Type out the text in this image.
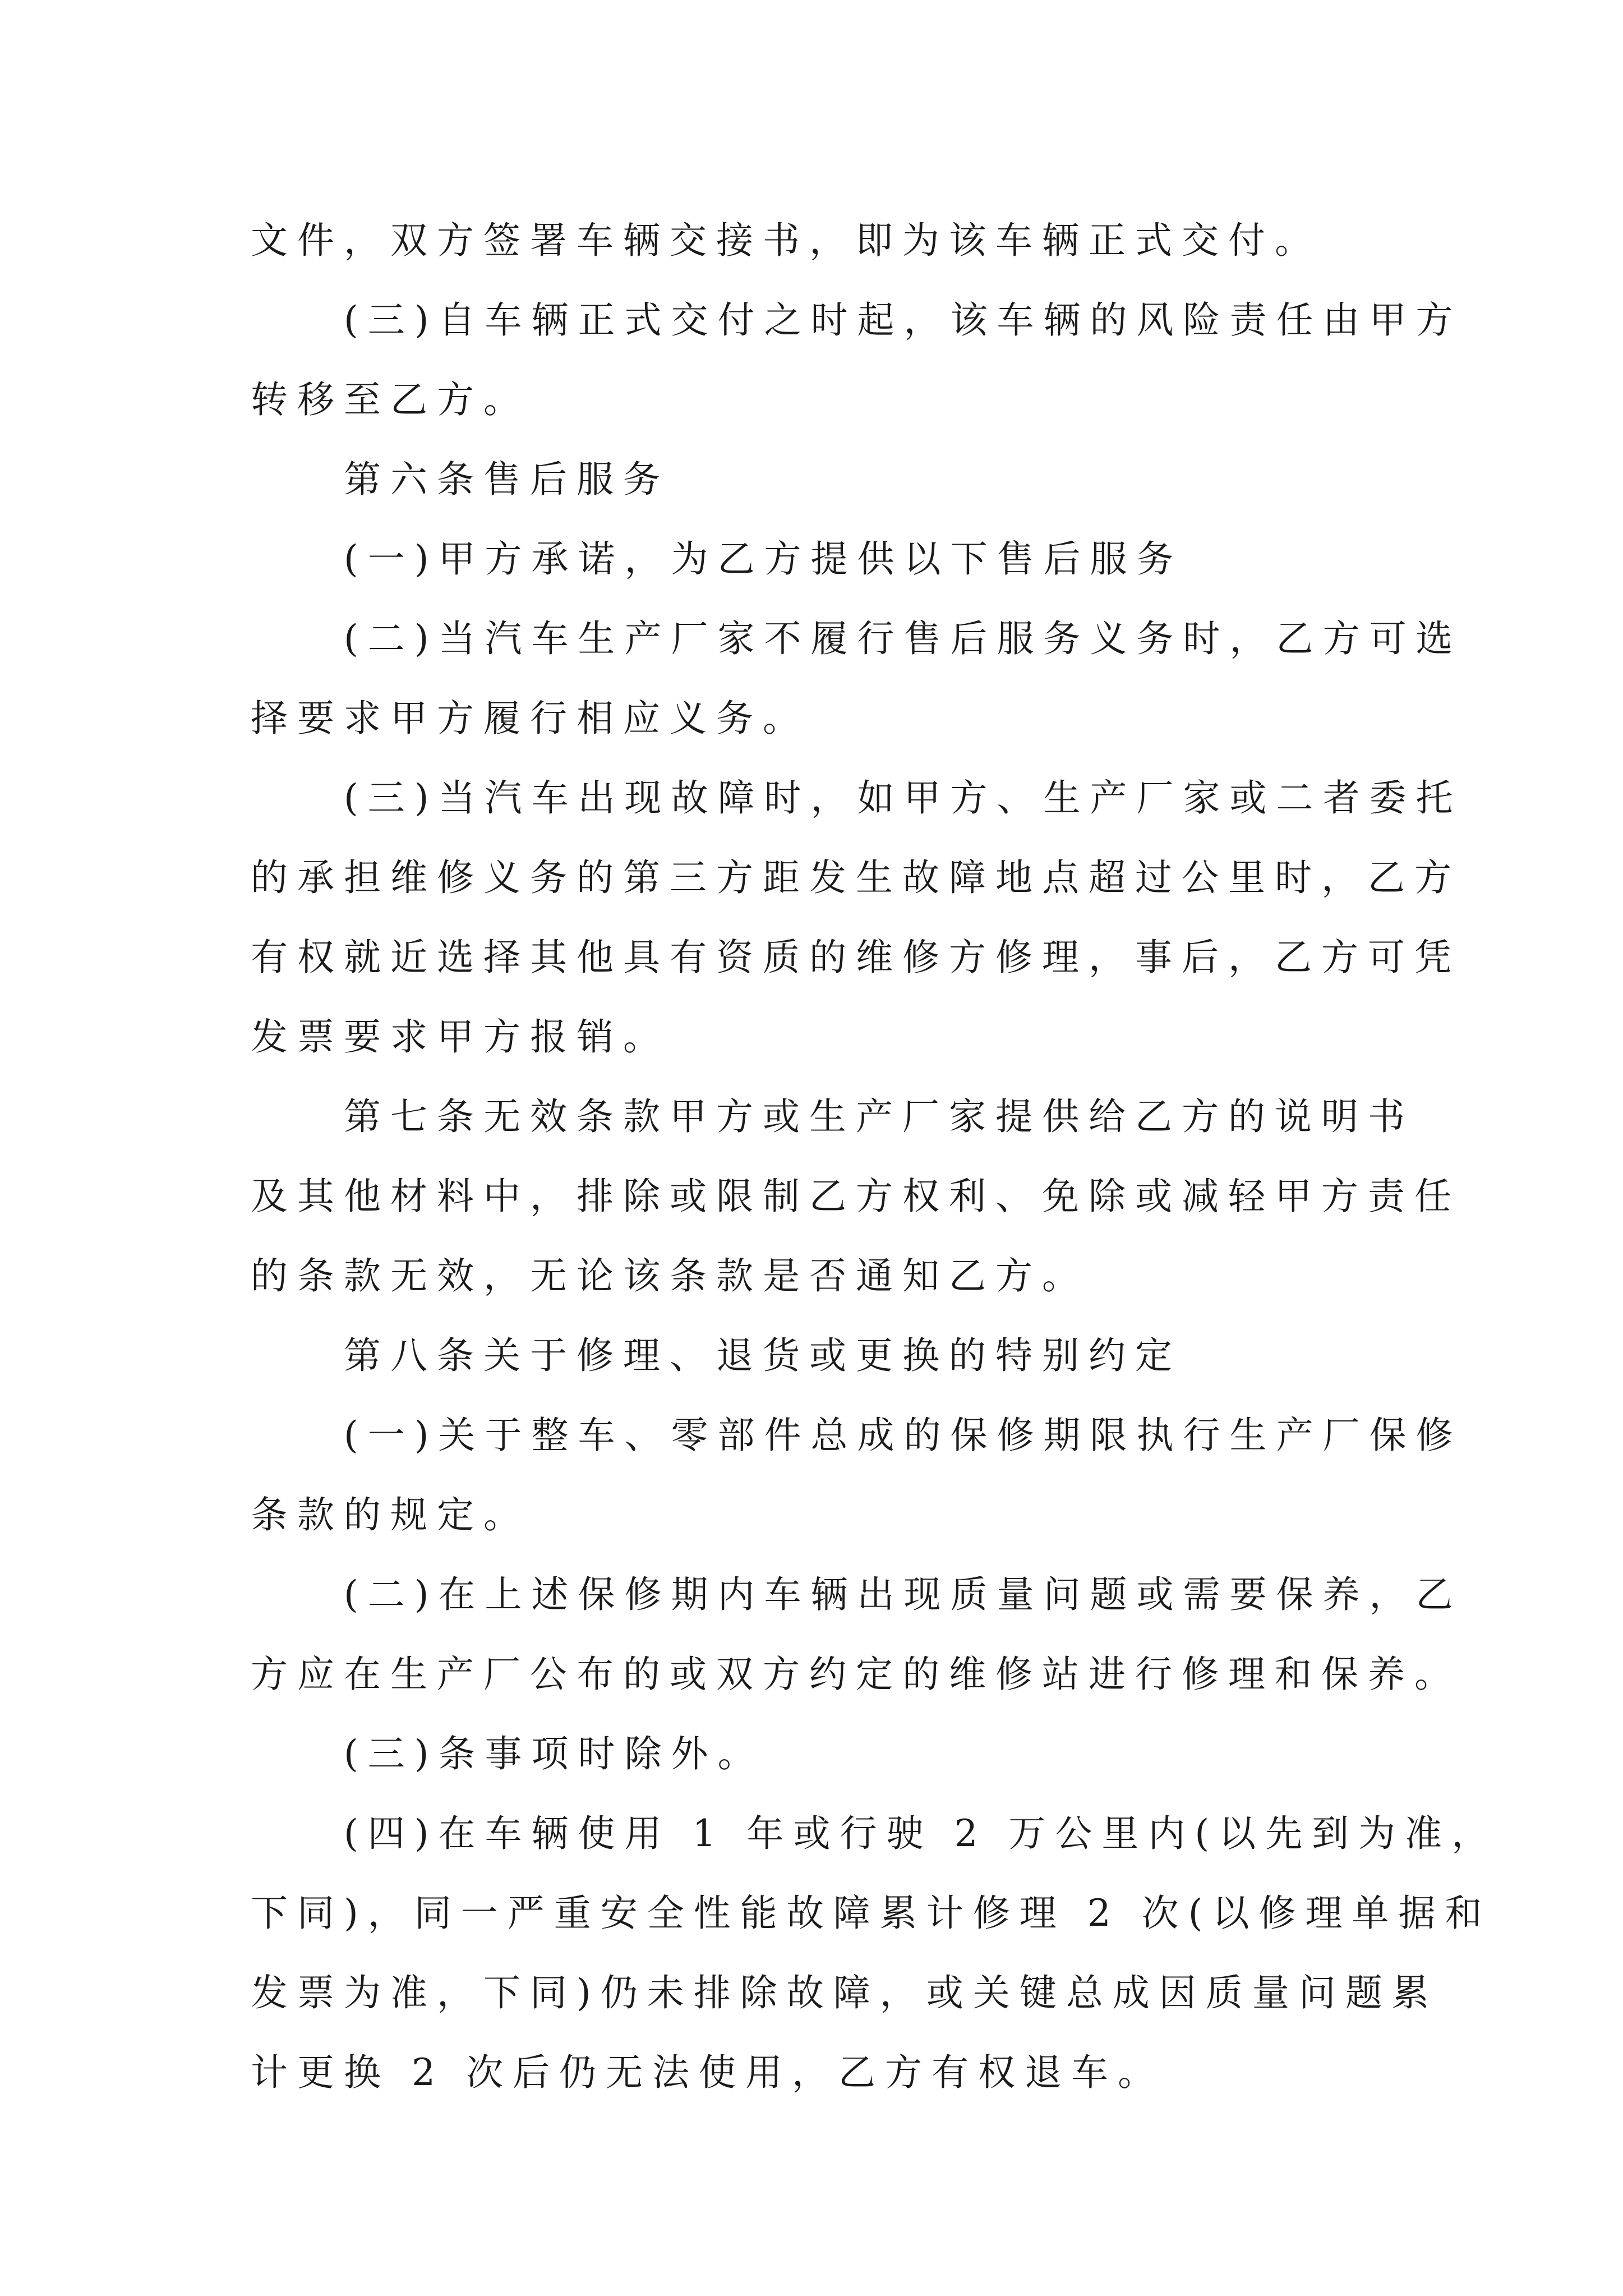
文件，双方签署车辆交接书，即为该车辆正式交付。
(三)自车辆正式交付之时起，该车辆的风险责任由甲方
转移至乙方。
第六条售后服务
(一)甲方承诺，为乙方提供以下售后服务
(二)当汽车生产厂家不履行售后服务义务时，乙方可选
择要求甲方履行相应义务。
(三)当汽车出现故障时，如甲方、生产厂家或二者委托
的承担维修义务的第三方距发生故障地点超过公里时，乙方
有权就近选择其他具有资质的维修方修理，事后，乙方可凭
发票要求甲方报销。
第七条无效条款甲方或生产厂家提供给乙方的说明书
及其他材料中，排除或限制乙方权利、免除或减轻甲方责任
的条款无效，无论该条款是否通知乙方。
第八条关于修理、退货或更换的特别约定
(一)关于整车、零部件总成的保修期限执行生产厂保修
条款的规定。
(二)在上述保修期内车辆出现质量问题或需要保养，乙
方应在生产厂公布的或双方约定的维修站进行修理和保养。
(三)条事项时除外。
(四)在车辆使用 1 年或行驶 2 万公里内(以先到为准，
下同)，同一严重安全性能故障累计修理 2 次(以修理单据和
发票为准，下同)仍未排除故障，或关键总成因质量问题累
计更换 2 次后仍无法使用，乙方有权退车。
